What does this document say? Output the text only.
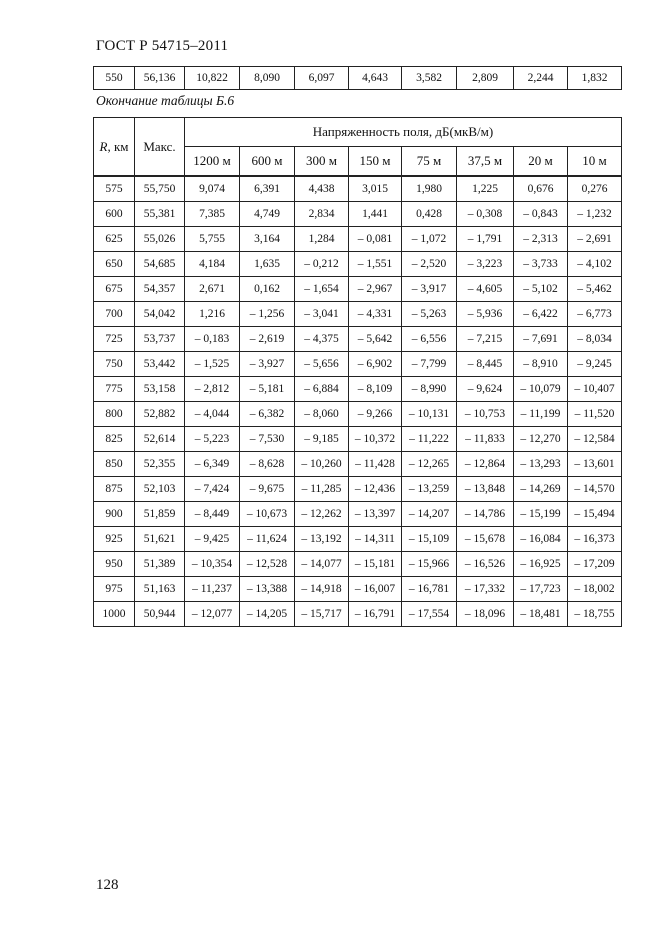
ГОСТ Р 54715–2011
550	56,136	10,822	8,090	6,097	4,643	3,582	2,809	2,244	1,832
Окончание таблицы Б.6
R, км	Макс.	Напряженность поля, дБ(мкВ/м)							
		1200 м	600 м	300 м	150 м	75 м	37,5 м	20 м	10 м
575	55,750	9,074	6,391	4,438	3,015	1,980	1,225	0,676	0,276
600	55,381	7,385	4,749	2,834	1,441	0,428	– 0,308	– 0,843	– 1,232
625	55,026	5,755	3,164	1,284	– 0,081	– 1,072	– 1,791	– 2,313	– 2,691
650	54,685	4,184	1,635	– 0,212	– 1,551	– 2,520	– 3,223	– 3,733	– 4,102
675	54,357	2,671	0,162	– 1,654	– 2,967	– 3,917	– 4,605	– 5,102	– 5,462
700	54,042	1,216	– 1,256	– 3,041	– 4,331	– 5,263	– 5,936	– 6,422	– 6,773
725	53,737	– 0,183	– 2,619	– 4,375	– 5,642	– 6,556	– 7,215	– 7,691	– 8,034
750	53,442	– 1,525	– 3,927	– 5,656	– 6,902	– 7,799	– 8,445	– 8,910	– 9,245
775	53,158	– 2,812	– 5,181	– 6,884	– 8,109	– 8,990	– 9,624	– 10,079	– 10,407
800	52,882	– 4,044	– 6,382	– 8,060	– 9,266	– 10,131	– 10,753	– 11,199	– 11,520
825	52,614	– 5,223	– 7,530	– 9,185	– 10,372	– 11,222	– 11,833	– 12,270	– 12,584
850	52,355	– 6,349	– 8,628	– 10,260	– 11,428	– 12,265	– 12,864	– 13,293	– 13,601
875	52,103	– 7,424	– 9,675	– 11,285	– 12,436	– 13,259	– 13,848	– 14,269	– 14,570
900	51,859	– 8,449	– 10,673	– 12,262	– 13,397	– 14,207	– 14,786	– 15,199	– 15,494
925	51,621	– 9,425	– 11,624	– 13,192	– 14,311	– 15,109	– 15,678	– 16,084	– 16,373
950	51,389	– 10,354	– 12,528	– 14,077	– 15,181	– 15,966	– 16,526	– 16,925	– 17,209
975	51,163	– 11,237	– 13,388	– 14,918	– 16,007	– 16,781	– 17,332	– 17,723	– 18,002
1000	50,944	– 12,077	– 14,205	– 15,717	– 16,791	– 17,554	– 18,096	– 18,481	– 18,755
128
